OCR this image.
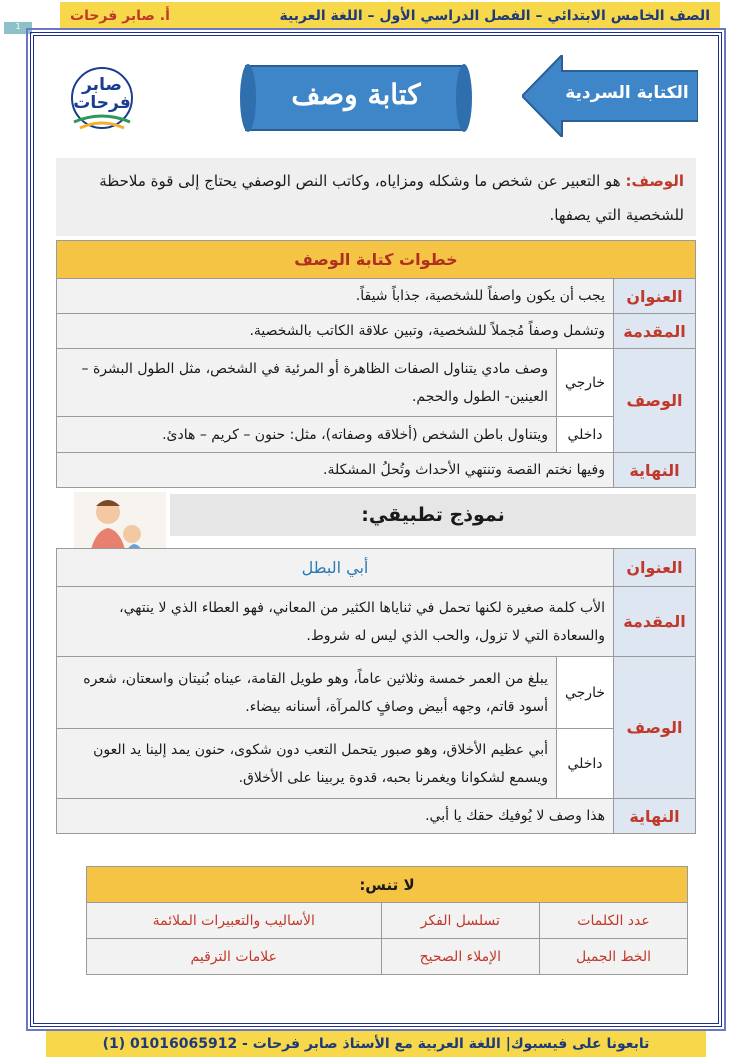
الصف الخامس الابتدائي – الفصل الدراسي الأول – اللغة العربية
أ. صابر فرحات
1
الكتابة السردية
كتابة وصف
صابر
فرحات
الوصف: هو التعبير عن شخص ما وشكله ومزاياه، وكاتب النص الوصفي يحتاج إلى قوة ملاحظة للشخصية التي يصفها.
خطوات كتابة الوصف		
العنوان	يجب أن يكون واصفاً للشخصية، جذاباً شيقاً.	
المقدمة	وتشمل وصفاً مُجملاً للشخصية، وتبين علاقة الكاتب بالشخصية.	
الوصف	خارجي	وصف مادي يتناول الصفات الظاهرة أو المرئية في الشخص، مثل الطول البشرة – العينين- الطول والحجم.
	داخلي	ويتناول باطن الشخص (أخلاقه وصفاته)، مثل: حنون – كريم – هادئ.
النهاية	وفيها نختم القصة وتنتهي الأحداث وتُحلُ المشكلة.	
نموذج تطبيقي:
العنوان	أبي البطل	
المقدمة	الأب كلمة صغيرة لكنها تحمل في ثناياها الكثير من المعاني، فهو العطاء الذي لا ينتهي، والسعادة التي لا تزول، والحب الذي ليس له شروط.	
الوصف	خارجي	يبلغ من العمر خمسة وثلاثين عاماً، وهو طويل القامة، عيناه بُنيتان واسعتان، شعره أسود قاتم، وجهه أبيض وصافٍ كالمرآة، أسنانه بيضاء.
	داخلي	أبي عظيم الأخلاق، وهو صبور يتحمل التعب دون شكوى، حنون يمد إلينا يد العون ويسمع لشكوانا ويغمرنا بحبه، قدوة يربينا على الأخلاق.
النهاية	هذا وصف لا يُوفيك حقك يا أبي.	
لا تنس:		
عدد الكلمات	تسلسل الفكر	الأساليب والتعبيرات الملائمة
الخط الجميل	الإملاء الصحيح	علامات الترقيم
تابعونا على فيسبوك| اللغة العربية مع الأستاذ صابر فرحات - 01016065912 (1)
